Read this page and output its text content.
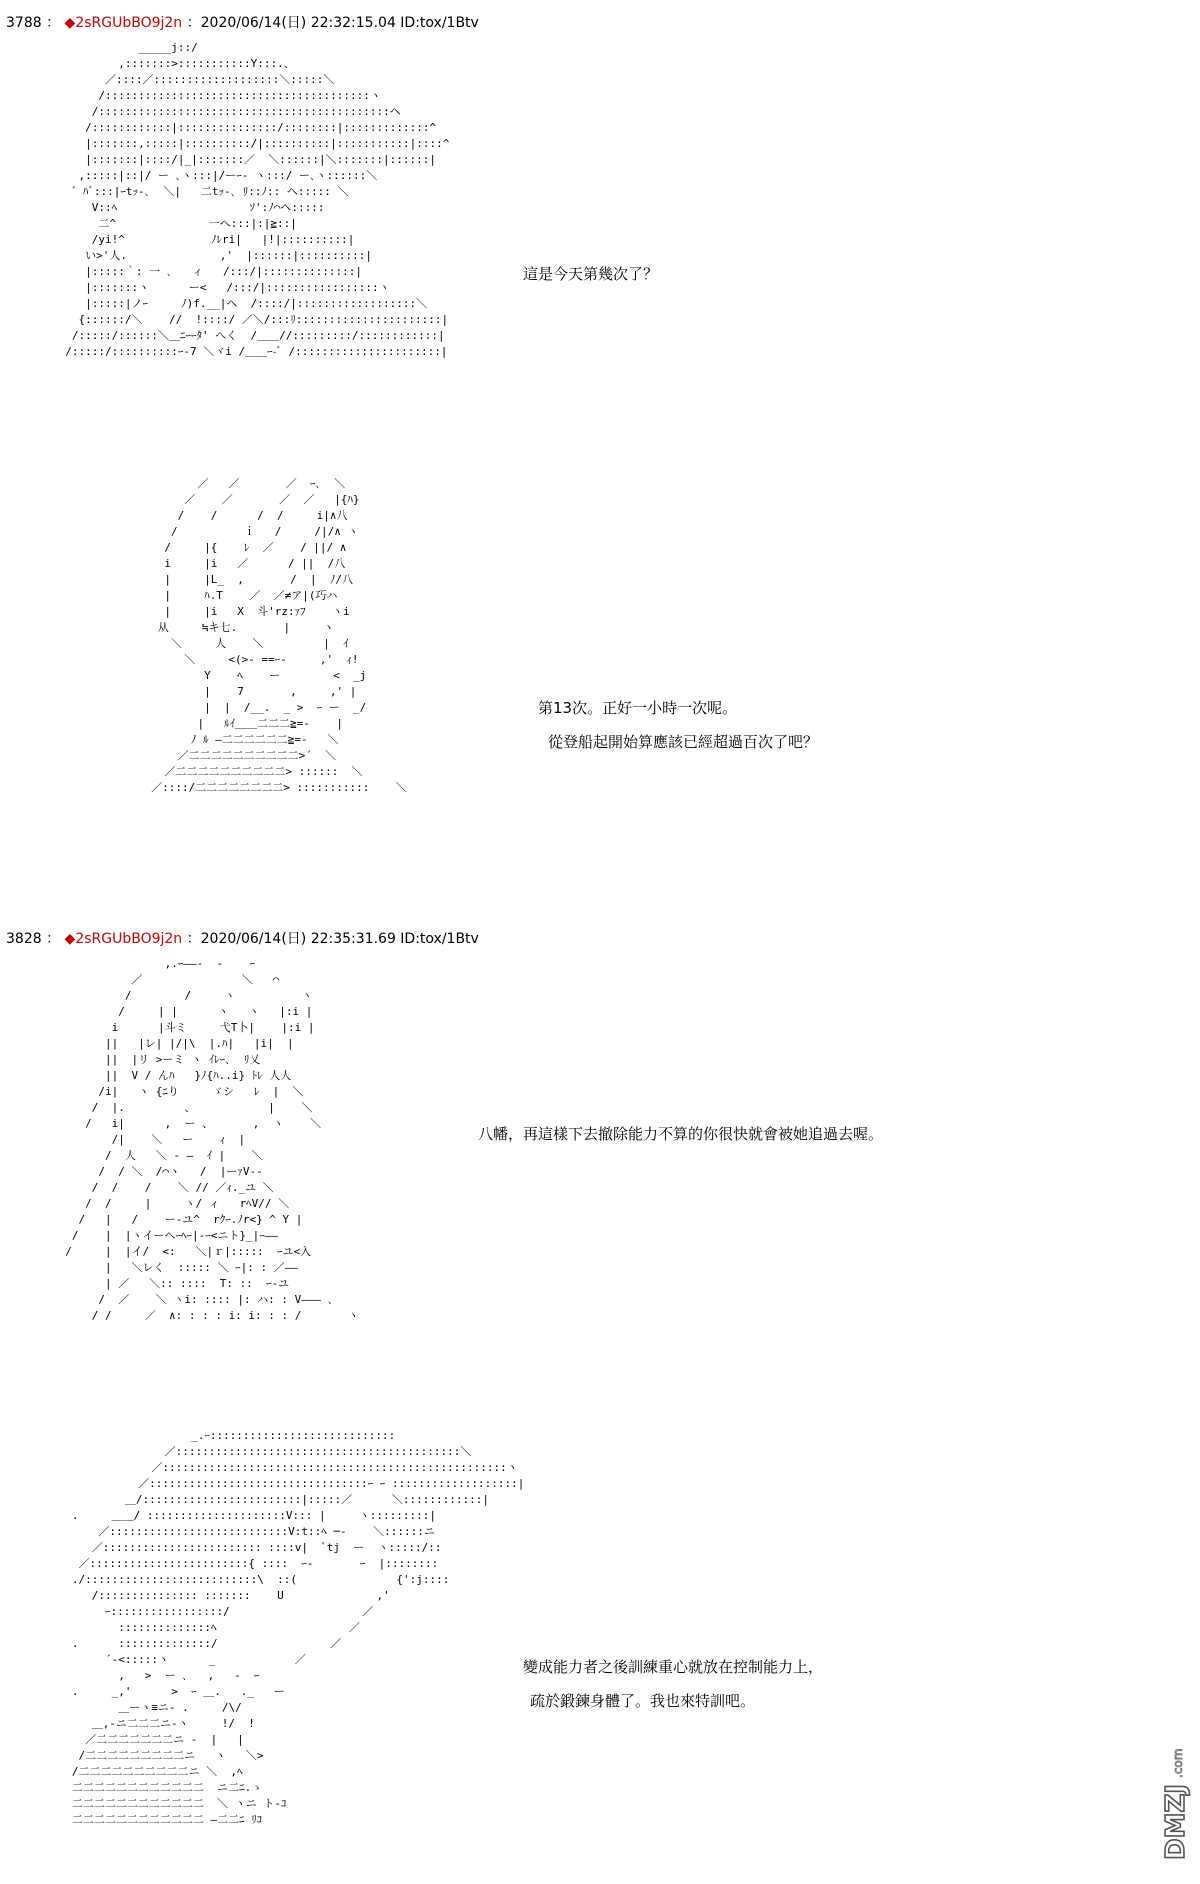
3788 ： ◆2sRGUbBO9j2n ：2020/06/14(日) 22:32:15.04 ID:tox/1Btv
_____j::/
,:::::::>:::::::::::Y:::.、
／::::／:::::::::::::::::::＼:::::＼
/::::::::::::::::::::::::::::::::::::::::ヽ
/::::::::::::::::::::::::::::::::::::::::::::ヘ
/::::::::::::|:::::::::::::::/::::::::|:::::::::::::^
|:::::::,:::::|::::::::::/|::::::::::|:::::::::::|::::^
|:::::::|::::/|_|:::::::／  ＼::::::|＼:::::::|::::::|
,:::::|::|/ ー ､ヽ:::|/ーｰ- ヽ:::/ ー､ヽ::::::＼
゛ﾊﾞ:::|ｰtｯ-､  ＼|   二tｯ-､ ﾘ::ﾉ:: ヘ::::: ＼
V::ﾍ                    ｿ':ﾉ⌒ヘ:::::
二^              一へ:::|:|≧::|
/yi!^             ﾉﾚri|   |!|::::::::::|
い>'人.              ,'  |::::::|::::::::::|
|:::::｀: 一 ､   ィ   /:::/|::::::::::::::|
|:::::::ヽ      ー<   /:::/|:::::::::::::::::ヽ
|:::::|ノｰ     ﾉ)f.__|ヘ  /::::/|::::::::::::::::::＼
{::::::/＼    //  !::::/ ／＼/:::ﾘ::::::::::::::::::::::|
/:::::/::::::＼＿ﾆｰｰﾀ' へく  /＿＿//:::::::::/::::::::::::|
/:::::/::::::::::ｰ-7 ＼ヾi /＿＿ｰ-ﾞ /::::::::::::::::::::::|
這是今天第幾次了？
／   ／       ／  ｰ､  ＼
／    ／       ／  ／   |{ﾊ}
/    /      /  /     i|∧八
/          ｉ   /     /|/∧ ヽ
/     |{    ﾚ  ／    / ||/ ∧
i     |i   ／      / ||  /八
|     |L_  ,       /  |  ﾉ/八
|     ﾊ.T    ／  ／≠ア|(巧ハ
|     |i   X  斗'rz:ｧﾌ    ヽi
从     ≒キ七.       |     ヽ
＼     人    ＼         |  ｲ
＼     <(>- ==ｰ-     ,'  ｨ!
Y    ﾍ    ー        <  _j
|    7       ,     ,' |
|  |  /__.  _ >  ｰ ー  _/
|   ﾙｲ＿＿二二二≧=-    |
ﾉ ﾙ ―二二二二二二≧=-   ＼
／二二二二二二二二二二>´  ＼
／二二二二二二二二二二> ::::::  ＼
／::::/二二二二二二二二> :::::::::::    ＼
第13次。正好一小時一次呢。
從登船起開始算應該已經超過百次了吧？
3828 ： ◆2sRGUbBO9j2n ：2020/06/14(日) 22:35:31.69 ID:tox/1Btv
,.ｰ――-  ‐    ｰ
／               ＼   ⌒
/        /     ヽ          ヽ
/     | |      ヽ   ヽ   |:i |
i      |斗ミ     弋T卜|    |:i |
||   |レ| |/|\  |.ﾊ|   |i|  |
||  |リ >ーミ ヽ ｲﾚｰ､  ﾘ乂
||  V / んﾊ   }ﾉ{ﾊ..i} ﾄﾚ 人人
/i|   ヽ {ﾆり     ゞシ   ﾚ  |  ＼
/  |.         、           |    ＼
/   i|      ,  ー 、      ,  ヽ    ＼
/|    ＼   ー    ｨ  |
/  人   ＼ ‐ ―  ｲ |    ＼
/  / ＼  /⌒ヽ   /  |ーｧV‐-
/  /    /    ＼ // ／ｨ._ユ ＼
/  /     |     ヽ/ ィ   rﾍV// ＼
/   |   /    ー-ユ^  rｸｰ.ﾉr<} ^ Y |
/    |  |ヽイーへｰﾍｰ|-ｰ<ニト}_|ｰ――
/     |  |イ/  <:   ＼|ｒ|:::::  ｰユ<入
|   ＼レく  ::::: ＼ ｰ|: : ／――
| ／   ＼:: ::::  T: ::  ｰ-ユ
/  ／    ＼ ヽi: :::: |: ハ: : V――― ､
/ /     ／  ∧: : : : i: i: : : /       ヽ
八幡，再這樣下去撤除能力不算的你很快就會被她追過去喔。
_.ｰ::::::::::::::::::::::::::::
／:::::::::::::::::::::::::::::::::::::::::::＼
／::::::::::::::::::::::::::::::::::::::::::::::::::::ヽ
／:::::::::::::::::::::::::::::::::ｰ ｰ :::::::::::::::::::|
＿/::::::::::::::::::::::::|:::::／      ＼::::::::::::|
.     ＿＿/ :::::::::::::::::::::V::: |     ヽ:::::::::|
／:::::::::::::::::::::::::::V:t::ﾍ ─-    ＼::::::ニ
／:::::::::::::::::::::::: ::::v|  ﾞtj  ー  ヽ:::::/::
／::::::::::::::::::::::::{ ::::  ｰ-       ｰ  |::::::::
./::::::::::::::::::::::::::\  ::(               {':j::::
/::::::::::::::: :::::::    U              ,'
ｰ:::::::::::::::::/                    ／
::::::::::::::ﾍ                    ／
.      ::::::::::::::/                 ／
´-<:::::ヽ      _            ／
,   >  ー ､   ,   -  ｰ
.     _,'      >  ｰ ＿.   ._   ー
＿ーヽ≡ニ- .     /\/
＿,-ニ二二二ニ-ヽ     !/  !
／二二二二二二二ニ -  |   |
/二二二二二二二二二ニ   ヽ   ＼>
/二二二二二二二二二二ニ ＼  ,ﾍ
二二二二二二二二二二二二  ニ二ﾆ.ゝ
二二二二二二二二二二二二  ＼ ヽニ ト-ｺ
二二二二二二二二二二二二 ―二二ﾆ ﾘｺ
變成能力者之後訓練重心就放在控制能力上，
疏於鍛鍊身體了。我也來特訓吧。
DMZJ
.com
